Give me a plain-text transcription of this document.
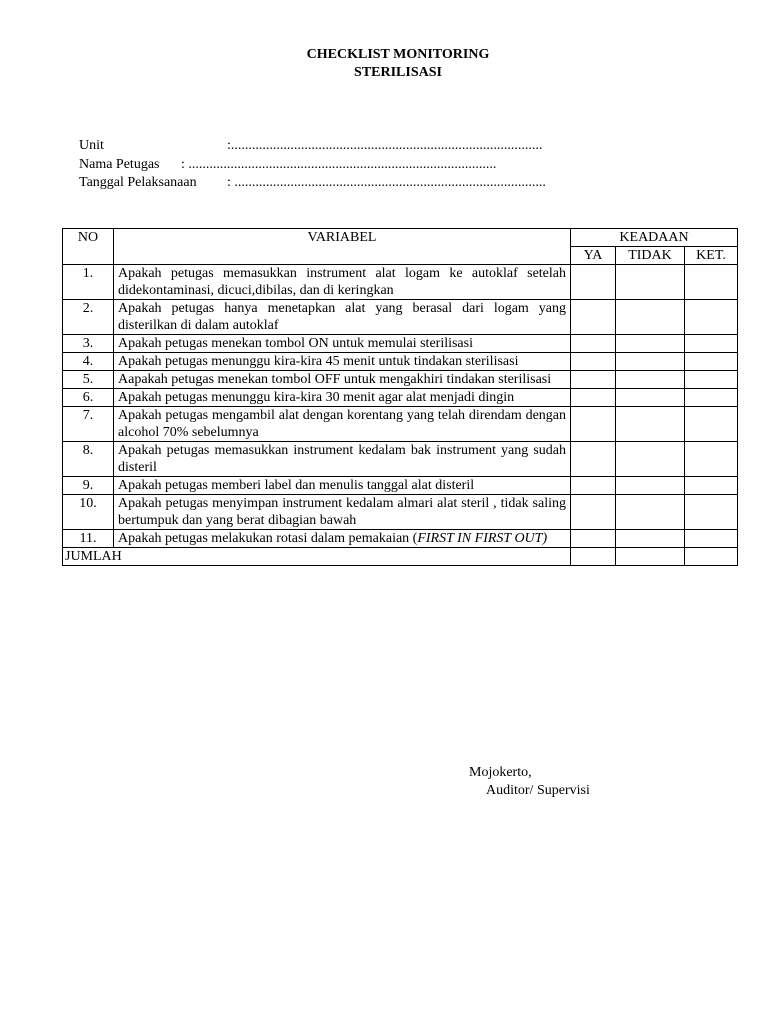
CHECKLIST MONITORING
STERILISASI
Unit	:.........................................................................................
Nama Petugas : ........................................................................................
Tanggal Pelaksanaan : .........................................................................................
NO	VARIABEL	KEADAAN		
		YA	TIDAK	KET.
1.	Apakah petugas memasukkan instrument alat logam ke autoklaf setelah didekontaminasi, dicuci,dibilas, dan di keringkan			
2.	Apakah petugas hanya menetapkan alat yang berasal dari logam yang disterilkan di dalam autoklaf			
3.	Apakah petugas menekan tombol ON untuk memulai sterilisasi			
4.	Apakah petugas menunggu kira-kira 45 menit untuk tindakan sterilisasi			
5.	Aapakah petugas menekan tombol OFF untuk mengakhiri tindakan sterilisasi			
6.	Apakah petugas menunggu kira-kira 30 menit agar alat menjadi dingin			
7.	Apakah petugas mengambil alat dengan korentang yang telah direndam dengan alcohol 70% sebelumnya			
8.	Apakah petugas memasukkan instrument kedalam bak instrument yang sudah disteril			
9.	Apakah petugas memberi label dan menulis tanggal alat disteril			
10.	Apakah petugas menyimpan instrument kedalam almari alat steril , tidak saling bertumpuk dan yang berat dibagian bawah			
11.	Apakah petugas melakukan rotasi dalam pemakaian (FIRST IN FIRST OUT)			
JUMLAH				
Mojokerto,
Auditor/ Supervisi
